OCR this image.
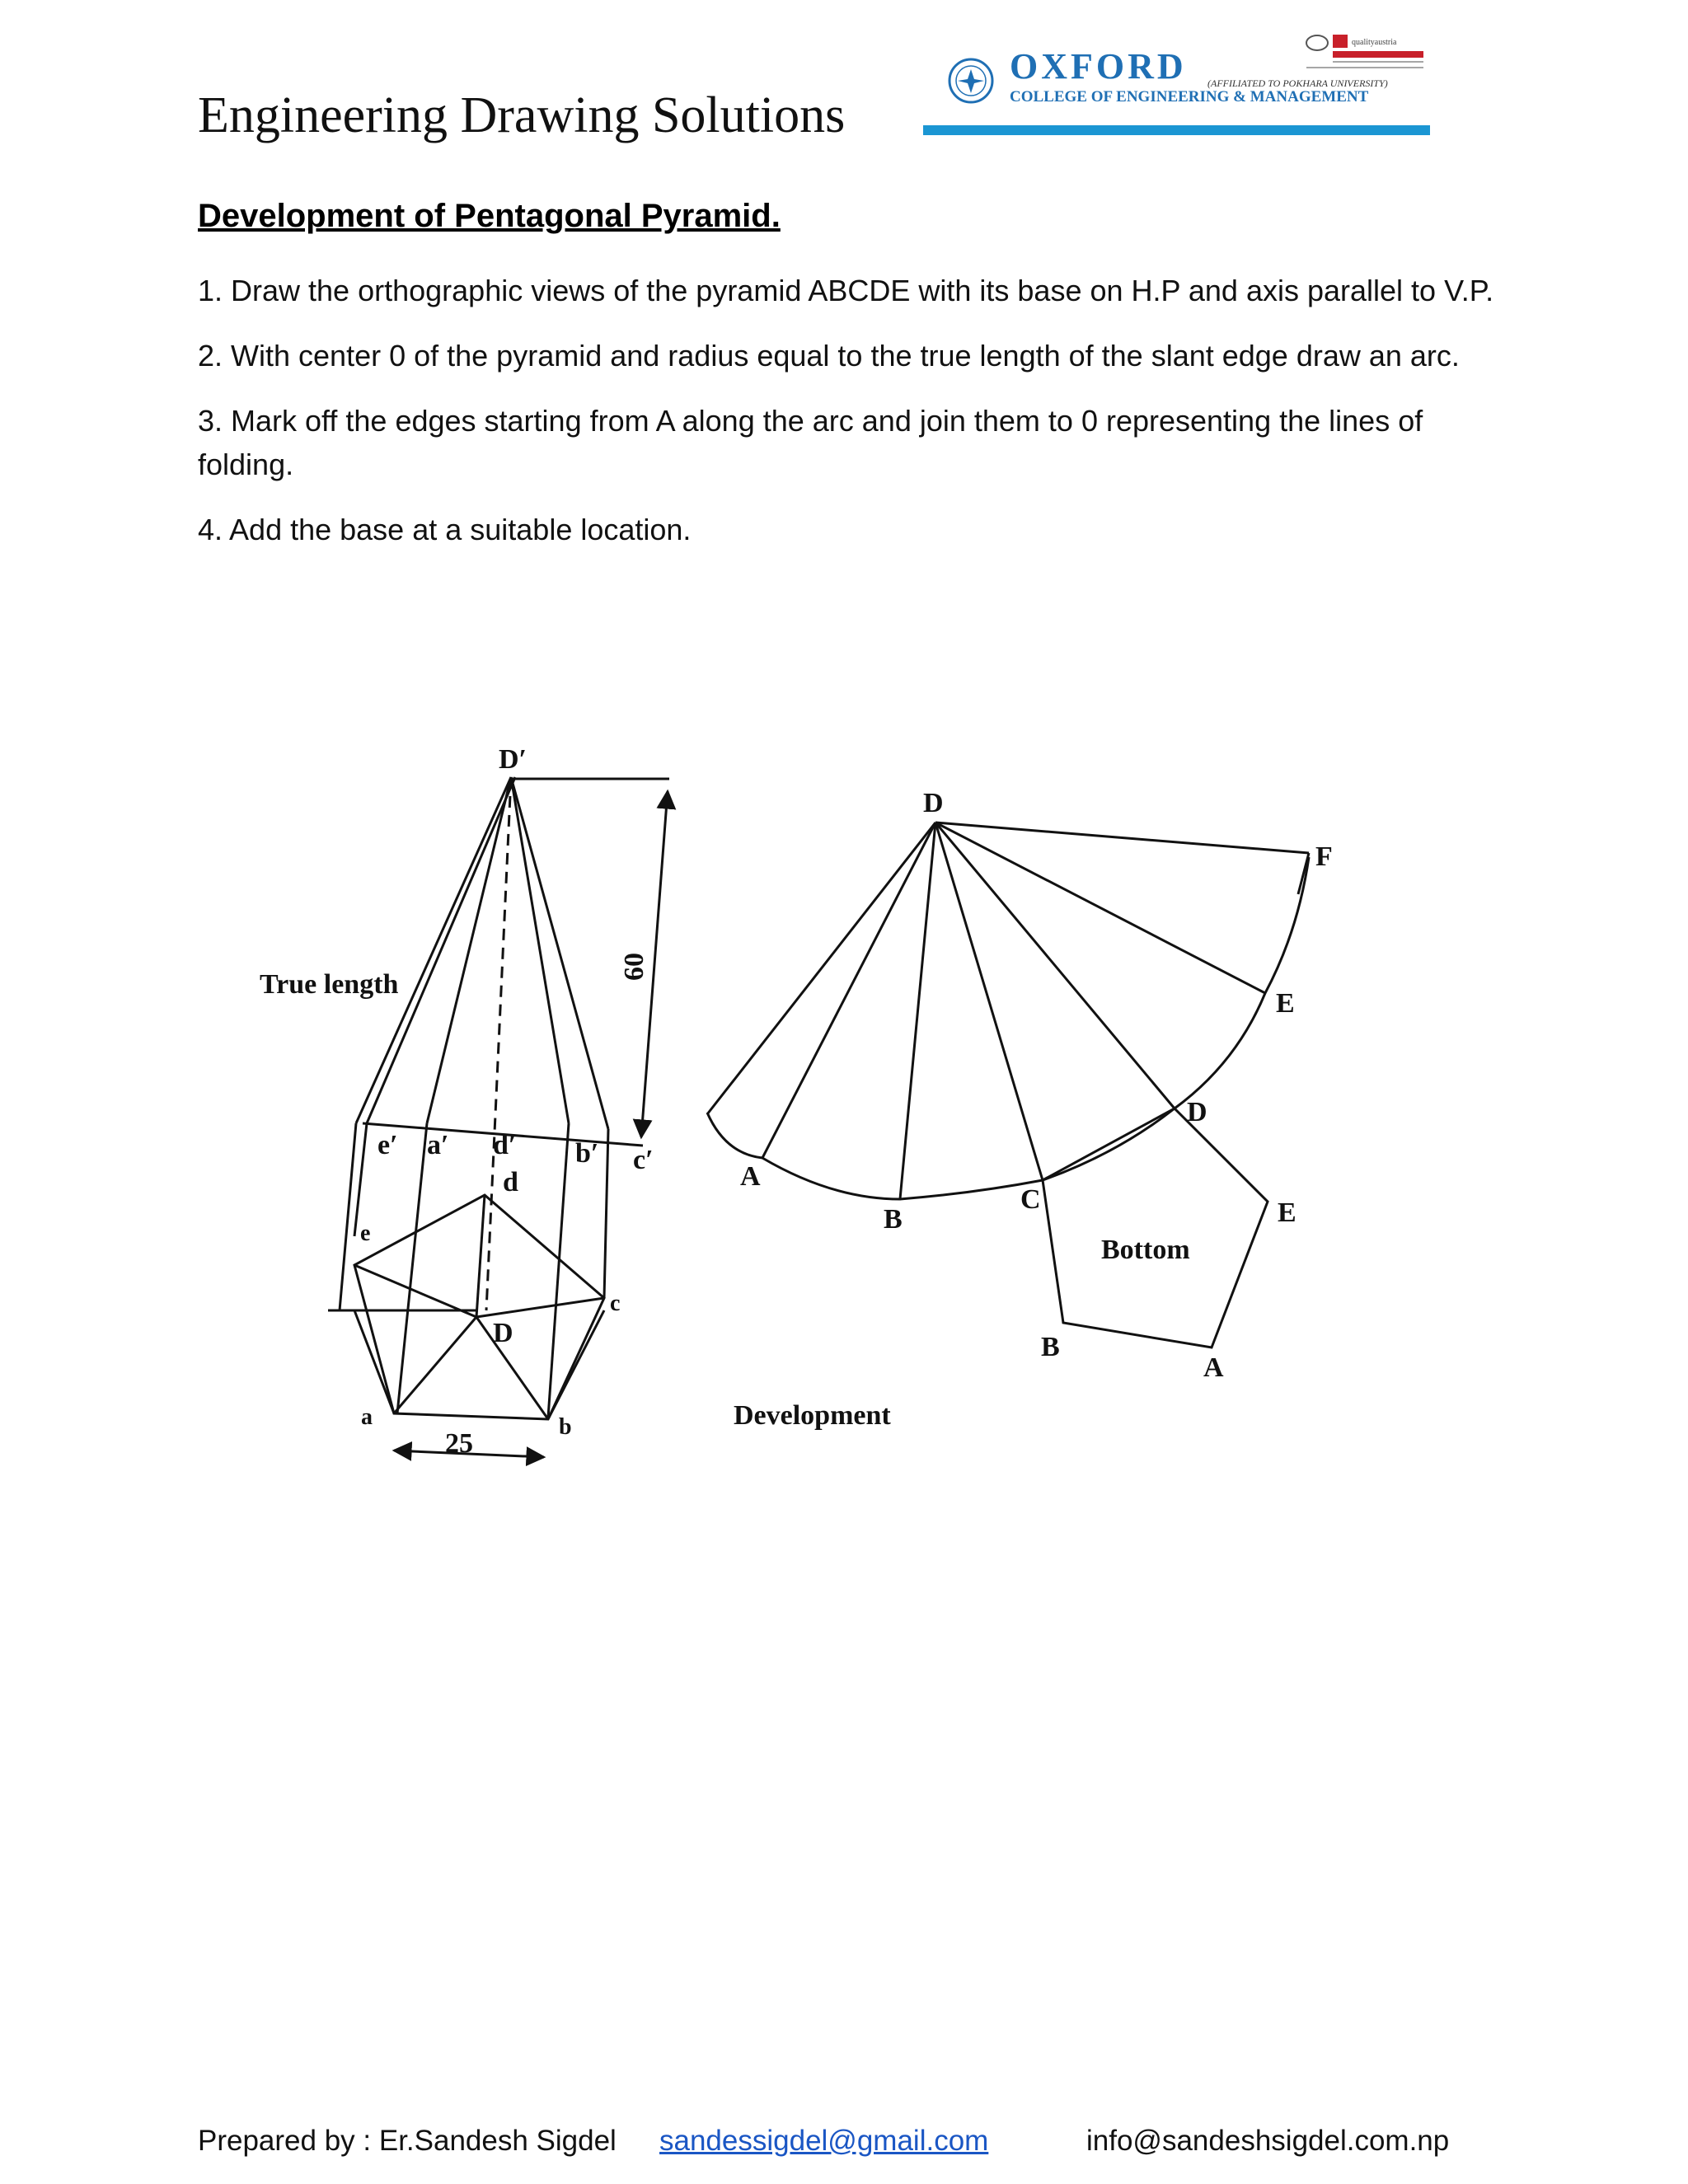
Engineering Drawing Solutions
OXFORD (AFFILIATED TO POKHARA UNIVERSITY)
COLLEGE OF ENGINEERING & MANAGEMENT
qualityaustria
Development of Pentagonal Pyramid.
1. Draw the orthographic views of the pyramid ABCDE with its base on H.P and axis parallel to V.P.
2. With center 0 of the pyramid and radius equal to the true length of the slant edge draw an arc.
3. Mark off the edges starting from A along the arc and join them to 0 representing the lines of folding.
4. Add the base at a suitable location.
D′
True length
60
e′ a′ d′ b′ c′
d
e
c
D
a	b
25
D
F
E
D
C
B
A
E
B
A
Bottom
Development
Prepared by : Er.Sandesh Sigdel sandessigdel@gmail.com	info@sandeshsigdel.com.np
